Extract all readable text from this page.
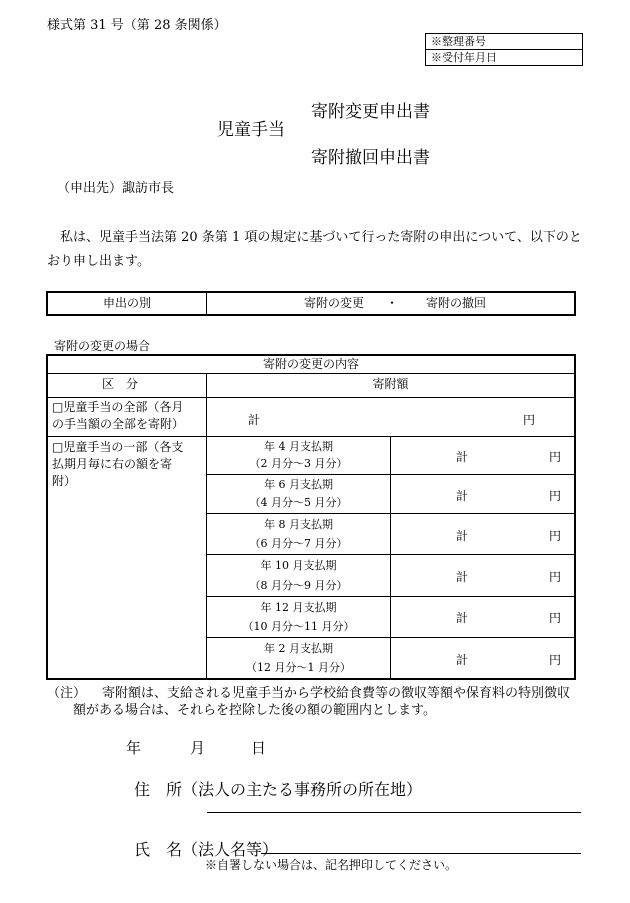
様式第 31 号（第 28 条関係）
※整理番号
※受付年月日
児童手当
寄附変更申出書
寄附撤回申出書
（申出先）諏訪市長
私は、児童手当法第 20 条第 1 項の規定に基づいて行った寄附の申出について、以下のと
おり申し出ます。
申出の別	寄附の変更 ・ 寄附の撤回
寄附の変更の場合
寄附の変更の内容
区　分	寄附額
□児童手当の全部（各月
の手当額の全部を寄附）	計	円
□児童手当の一部（各支
払期月毎に右の額を寄
附）
年 4 月支払期
（2 月分～3 月分）	計	円
年 6 月支払期
（4 月分～5 月分）	計	円
年 8 月支払期
（6 月分～7 月分）
計	円
年 10 月支払期
（8 月分～9 月分）
計	円
年 12 月支払期
（10 月分～11 月分）
計	円
年 2 月支払期
（12 月分～1 月分）
計	円
（注） 寄附額は、支給される児童手当から学校給食費等の徴収等額や保育料の特別徴収
額がある場合は、それらを控除した後の額の範囲内とします。
年	月	日
住　所（法人の主たる事務所の所在地）
氏　名（法人名等）
※自署しない場合は、記名押印してください。
